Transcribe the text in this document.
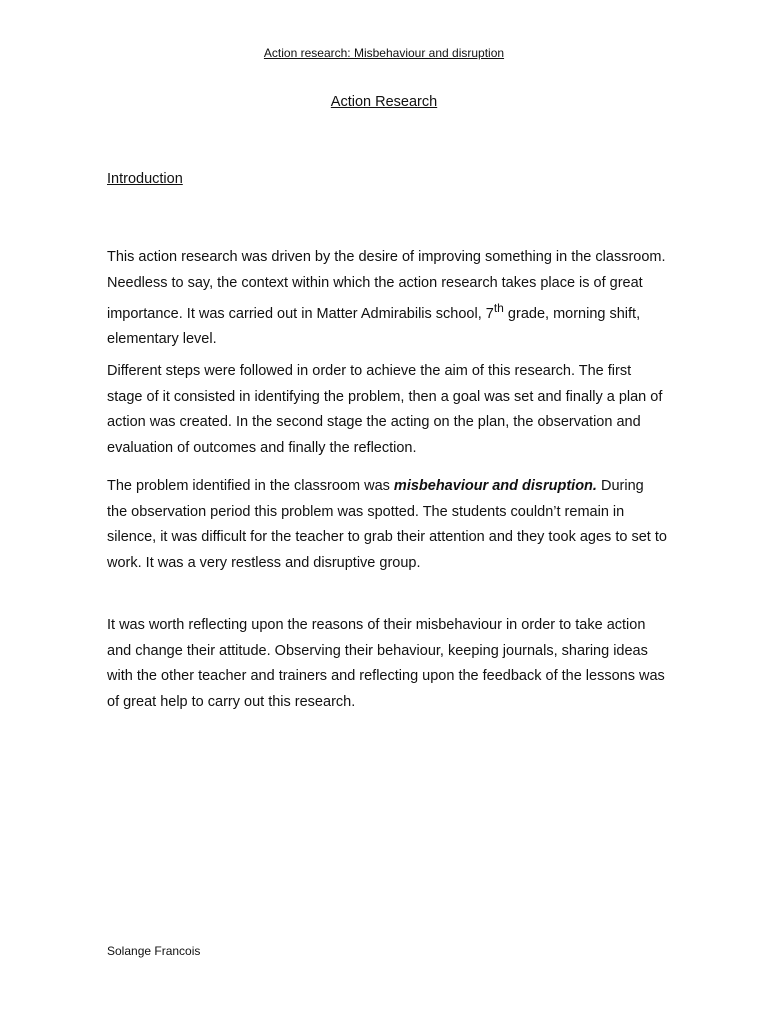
Action research: Misbehaviour and disruption
Action Research
Introduction

This action research was driven by the desire of improving something in the classroom. Needless to say, the context within which the action research takes place is of great importance. It was carried out in Matter Admirabilis school, 7th grade, morning shift, elementary level.

Different steps were followed in order to achieve the aim of this research. The first stage of it consisted in identifying the problem, then a goal was set and finally a plan of action was created. In the second stage the acting on the plan, the observation and evaluation of outcomes and finally the reflection.

The problem identified in the classroom was misbehaviour and disruption. During the observation period this problem was spotted. The students couldn’t remain in silence, it was difficult for the teacher to grab their attention and they took ages to set to work. It was a very restless and disruptive group.

It was worth reflecting upon the reasons of their misbehaviour in order to take action and change their attitude. Observing their behaviour, keeping journals, sharing ideas with the other teacher and trainers and reflecting upon the feedback of the lessons was of great help to carry out this research.

Solange Francois
